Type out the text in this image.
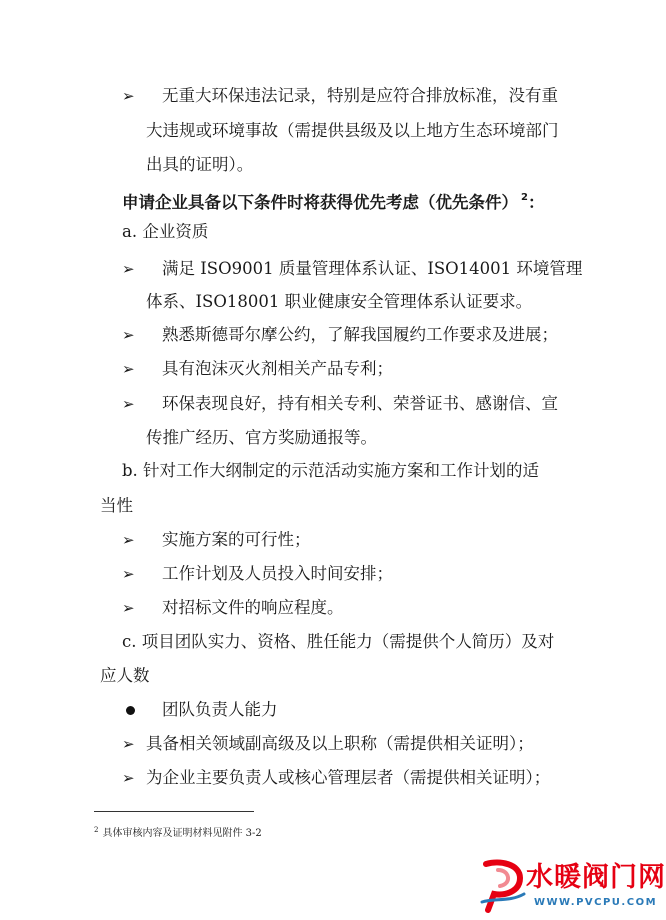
➢ 无重大环保违法记录，特别是应符合排放标准，没有重
大违规或环境事故（需提供县级及以上地方生态环境部门
出具的证明）。
申请企业具备以下条件时将获得优先考虑（优先条件） $^2$：
a. 企业资质
➢ 满足 ISO9001 质量管理体系认证、ISO14001 环境管理
体系、ISO18001 职业健康安全管理体系认证要求。
➢ 熟悉斯德哥尔摩公约，了解我国履约工作要求及进展；
➢ 具有泡沫灭火剂相关产品专利；
➢ 环保表现良好，持有相关专利、荣誉证书、感谢信、宣
传推广经历、官方奖励通报等。
b. 针对工作大纲制定的示范活动实施方案和工作计划的适
当性
➢ 实施方案的可行性；
➢ 工作计划及人员投入时间安排；
➢ 对招标文件的响应程度。
c. 项目团队实力、资格、胜任能力（需提供个人简历）及对
应人数
团队负责人能力
➢ 具备相关领域副高级及以上职称（需提供相关证明）；
➢ 为企业主要负责人或核心管理层者（需提供相关证明）；
$^2$ 具体审核内容及证明材料见附件 3-2
水暖阀门网
WWW.PVCPU.COM
